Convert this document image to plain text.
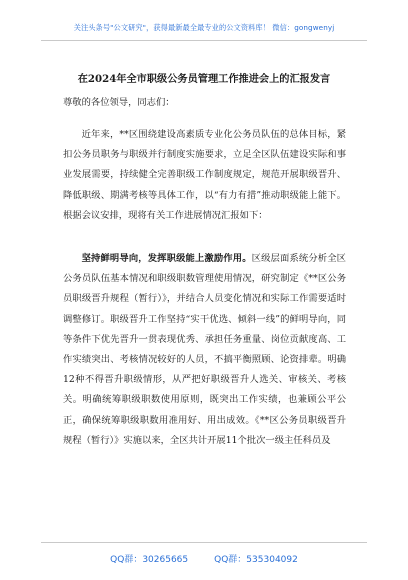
关注头条号"公文研究"，获得最新最全最专业的公文资料库！ 微信：gongwenyj
在2024年全市职级公务员管理工作推进会上的汇报发言
尊敬的各位领导，同志们：

近年来，**区围绕建设高素质专业化公务员队伍的总体目标，紧扣公务员职务与职级并行制度实施要求，立足全区队伍建设实际和事业发展需要，持续健全完善职级工作制度规定，规范开展职级晋升、降低职级、期满考核等具体工作，以“有力有措”推动职级能上能下。根据会议安排，现将有关工作进展情况汇报如下：

坚持鲜明导向，发挥职级能上激励作用。区级层面系统分析全区公务员队伍基本情况和职级职数管理使用情况，研究制定《**区公务员职级晋升规程（暂行）》，并结合人员变化情况和实际工作需要适时调整修订。职级晋升工作坚持“实干优选、倾斜一线”的鲜明导向，同等条件下优先晋升一贯表现优秀、承担任务重量、岗位贡献度高、工作实绩突出、考核情况较好的人员，不搞平衡照顾、论资排辈。明确12种不得晋升职级情形，从严把好职级晋升人选关、审核关、考核关。明确统筹职级职数使用原则，既突出工作实绩，也兼顾公平公正，确保统筹职级职数用准用好、用出成效。《**区公务员职级晋升规程（暂行）》实施以来，全区共计开展11个批次一级主任科员及

QQ群：30265665	QQ群：535304092
